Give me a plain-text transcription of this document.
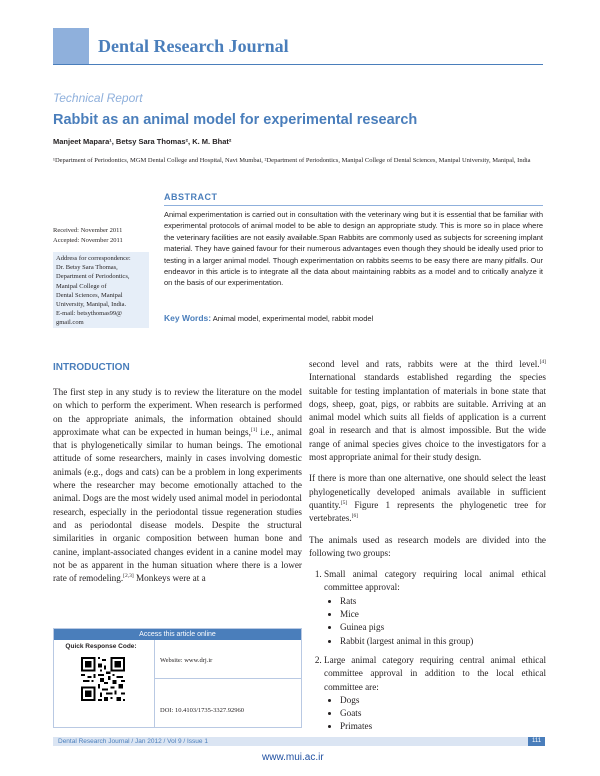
Dental Research Journal
Technical Report
Rabbit as an animal model for experimental research
Manjeet Mapara¹, Betsy Sara Thomas², K. M. Bhat²
¹Department of Periodontics, MGM Dental College and Hospital, Navi Mumbai, ²Department of Periodontics, Manipal College of Dental Sciences, Manipal University, Manipal, India
ABSTRACT
Animal experimentation is carried out in consultation with the veterinary wing but it is essential that be familiar with experimental protocols of animal model to be able to design an appropriate study. This is more so in place where the veterinary facilities are not easily available.Span Rabbits are commonly used as subjects for screening implant material. They have gained favour for their numerous advantages even though they should be ideally used prior to testing in a larger animal model. Though experimentation on rabbits seems to be easy there are many pitfalls. Our endeavor in this article is to integrate all the data about maintaining rabbits as a model and to critically analyze it on the basis of our experimentation.
Key Words: Animal model, experimental model, rabbit model
Received: November 2011
Accepted: November 2011
Address for correspondence:
Dr. Betsy Sara Thomas,
Department of Periodontics,
Manipal College of
Dental Sciences, Manipal
University, Manipal, India.
E-mail: betsythomas99@
gmail.com
INTRODUCTION

The first step in any study is to review the literature on the model on which to perform the experiment. When research is performed on the appropriate animals, the information obtained should approximate what can be expected in human beings,[1] i.e., animal that is phylogenetically similar to human beings. The emotional attitude of some researchers, mainly in cases involving domestic animals (e.g., dogs and cats) can be a problem in long experiments where the researcher may become emotionally attached to the animal. Dogs are the most widely used animal model in periodontal research, especially in the periodontal tissue regeneration studies and as periodontal disease models. Despite the structural similarities in organic composition between human bone and canine, implant-associated changes evident in a canine model may not be as apparent in the human situation where there is a lower rate of remodeling.[2,3] Monkeys were at a

second level and rats, rabbits were at the third level.[4] International standards established regarding the species suitable for testing implantation of materials in bone state that dogs, sheep, goat, pigs, or rabbits are suitable. Arriving at an animal model which suits all fields of application is a current goal in research and that is almost impossible. But the wide range of animal species gives choice to the investigators for a most appropriate animal for their study design.

If there is more than one alternative, one should select the least phylogenetically developed animals available in sufficient quantity.[5] Figure 1 represents the phylogenetic tree for vertebrates.[6]

The animals used as research models are divided into the following two groups:

1. Small animal category requiring local animal ethical committee approval:
• Rats
• Mice
• Guinea pigs
• Rabbit (largest animal in this group)
2. Large animal category requiring central animal ethical committee approval in addition to the local ethical committee are:
• Dogs
• Goats
• Primates
Access this article online
Quick Response Code:
Website: www.drj.ir
DOI: 10.4103/1735-3327.92960
Dental Research Journal / Jan 2012 / Vol 9 / Issue 1	111
www.mui.ac.ir
